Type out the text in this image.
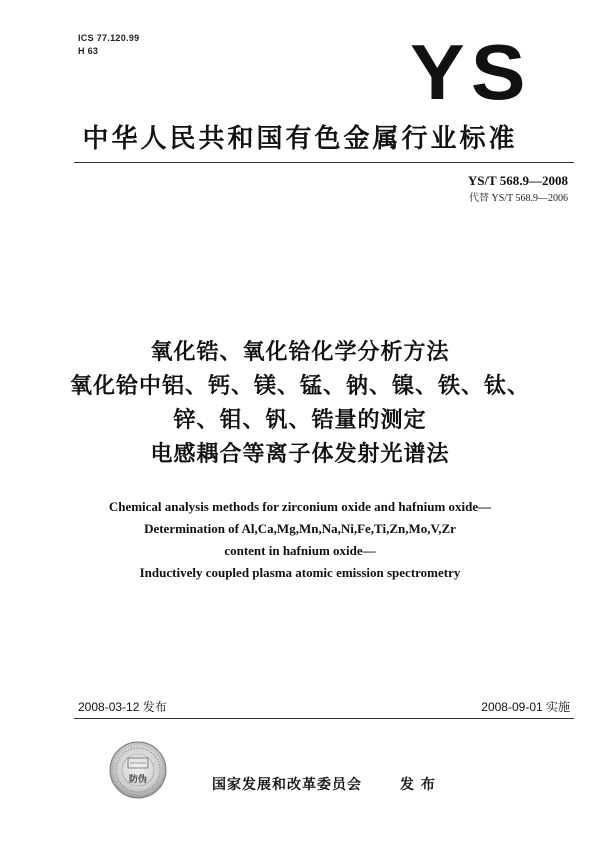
ICS 77.120.99
H 63	YS
中华人民共和国有色金属行业标准
YS/T 568.9—2008
代替 YS/T 568.9—2006
氧化锆、氧化铪化学分析方法
氧化铪中铝、钙、镁、锰、钠、镍、铁、钛、
锌、钼、钒、锆量的测定
电感耦合等离子体发射光谱法
Chemical analysis methods for zirconium oxide and hafnium oxide—
Determination of Al,Ca,Mg,Mn,Na,Ni,Fe,Ti,Zn,Mo,V,Zr
content in hafnium oxide—
Inductively coupled plasma atomic emission spectrometry
2008-03-12 发布	2008-09-01 实施
防伪	国家发展和改革委员会	发 布
